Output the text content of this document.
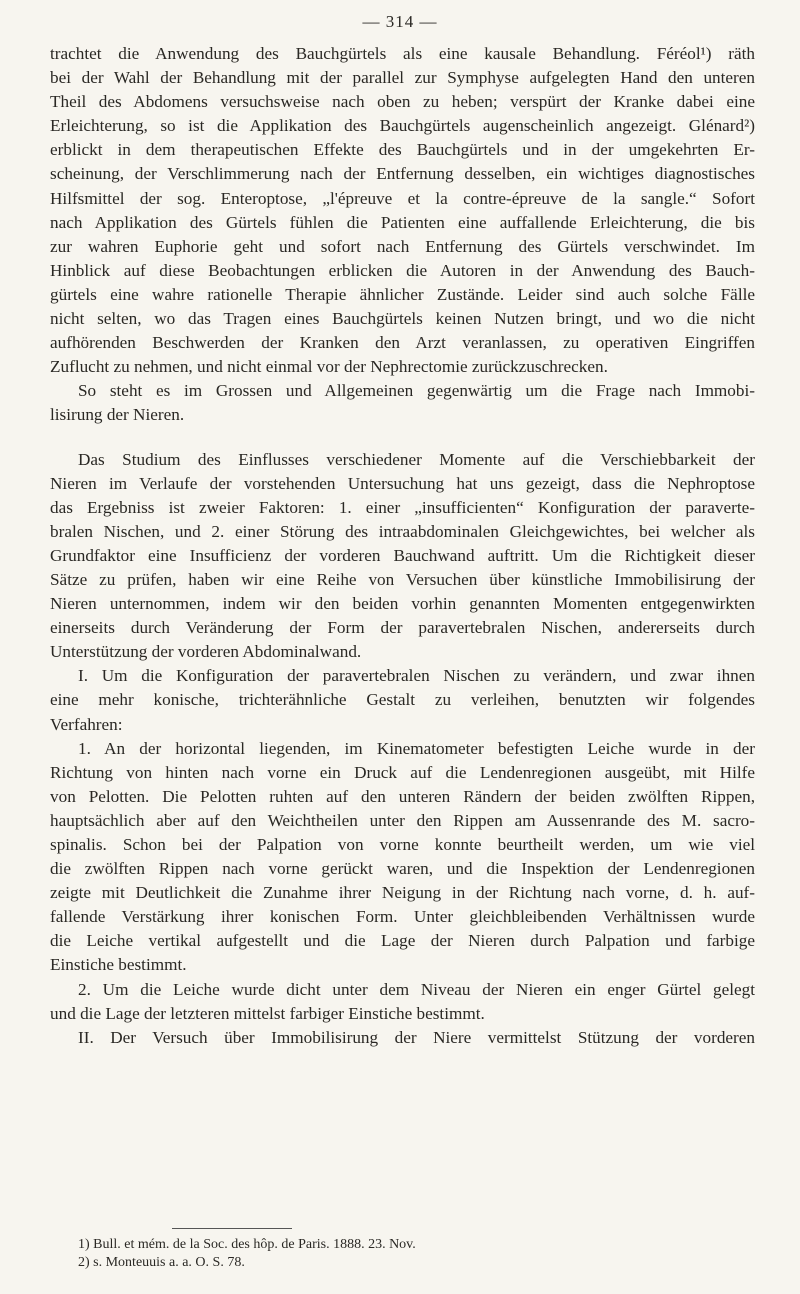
— 314 —
trachtet die Anwendung des Bauchgürtels als eine kausale Behandlung. Féréol¹) räth
bei der Wahl der Behandlung mit der parallel zur Symphyse aufgelegten Hand den unteren
Theil des Abdomens versuchsweise nach oben zu heben; verspürt der Kranke dabei eine
Erleichterung, so ist die Applikation des Bauchgürtels augenscheinlich angezeigt. Glénard²)
erblickt in dem therapeutischen Effekte des Bauchgürtels und in der umgekehrten Er-
scheinung, der Verschlimmerung nach der Entfernung desselben, ein wichtiges diagnostisches
Hilfsmittel der sog. Enteroptose, „l'épreuve et la contre-épreuve de la sangle.“ Sofort
nach Applikation des Gürtels fühlen die Patienten eine auffallende Erleichterung, die bis
zur wahren Euphorie geht und sofort nach Entfernung des Gürtels verschwindet. Im
Hinblick auf diese Beobachtungen erblicken die Autoren in der Anwendung des Bauch-
gürtels eine wahre rationelle Therapie ähnlicher Zustände. Leider sind auch solche Fälle
nicht selten, wo das Tragen eines Bauchgürtels keinen Nutzen bringt, und wo die nicht
aufhörenden Beschwerden der Kranken den Arzt veranlassen, zu operativen Eingriffen
Zuflucht zu nehmen, und nicht einmal vor der Nephrectomie zurückzuschrecken.
So steht es im Grossen und Allgemeinen gegenwärtig um die Frage nach Immobi-
lisirung der Nieren.
Das Studium des Einflusses verschiedener Momente auf die Verschiebbarkeit der
Nieren im Verlaufe der vorstehenden Untersuchung hat uns gezeigt, dass die Nephroptose
das Ergebniss ist zweier Faktoren: 1. einer „insufficienten“ Konfiguration der paraverte-
bralen Nischen, und 2. einer Störung des intraabdominalen Gleichgewichtes, bei welcher als
Grundfaktor eine Insufficienz der vorderen Bauchwand auftritt. Um die Richtigkeit dieser
Sätze zu prüfen, haben wir eine Reihe von Versuchen über künstliche Immobilisirung der
Nieren unternommen, indem wir den beiden vorhin genannten Momenten entgegenwirkten
einerseits durch Veränderung der Form der paravertebralen Nischen, andererseits durch
Unterstützung der vorderen Abdominalwand.
I. Um die Konfiguration der paravertebralen Nischen zu verändern, und zwar ihnen
eine mehr konische, trichterähnliche Gestalt zu verleihen, benutzten wir folgendes
Verfahren:
1. An der horizontal liegenden, im Kinematometer befestigten Leiche wurde in der
Richtung von hinten nach vorne ein Druck auf die Lendenregionen ausgeübt, mit Hilfe
von Pelotten. Die Pelotten ruhten auf den unteren Rändern der beiden zwölften Rippen,
hauptsächlich aber auf den Weichtheilen unter den Rippen am Aussenrande des M. sacro-
spinalis. Schon bei der Palpation von vorne konnte beurtheilt werden, um wie viel
die zwölften Rippen nach vorne gerückt waren, und die Inspektion der Lendenregionen
zeigte mit Deutlichkeit die Zunahme ihrer Neigung in der Richtung nach vorne, d. h. auf-
fallende Verstärkung ihrer konischen Form. Unter gleichbleibenden Verhältnissen wurde
die Leiche vertikal aufgestellt und die Lage der Nieren durch Palpation und farbige
Einstiche bestimmt.
2. Um die Leiche wurde dicht unter dem Niveau der Nieren ein enger Gürtel gelegt
und die Lage der letzteren mittelst farbiger Einstiche bestimmt.
II. Der Versuch über Immobilisirung der Niere vermittelst Stützung der vorderen
1) Bull. et mém. de la Soc. des hôp. de Paris. 1888. 23. Nov.
2) s. Monteuuis a. a. O. S. 78.
